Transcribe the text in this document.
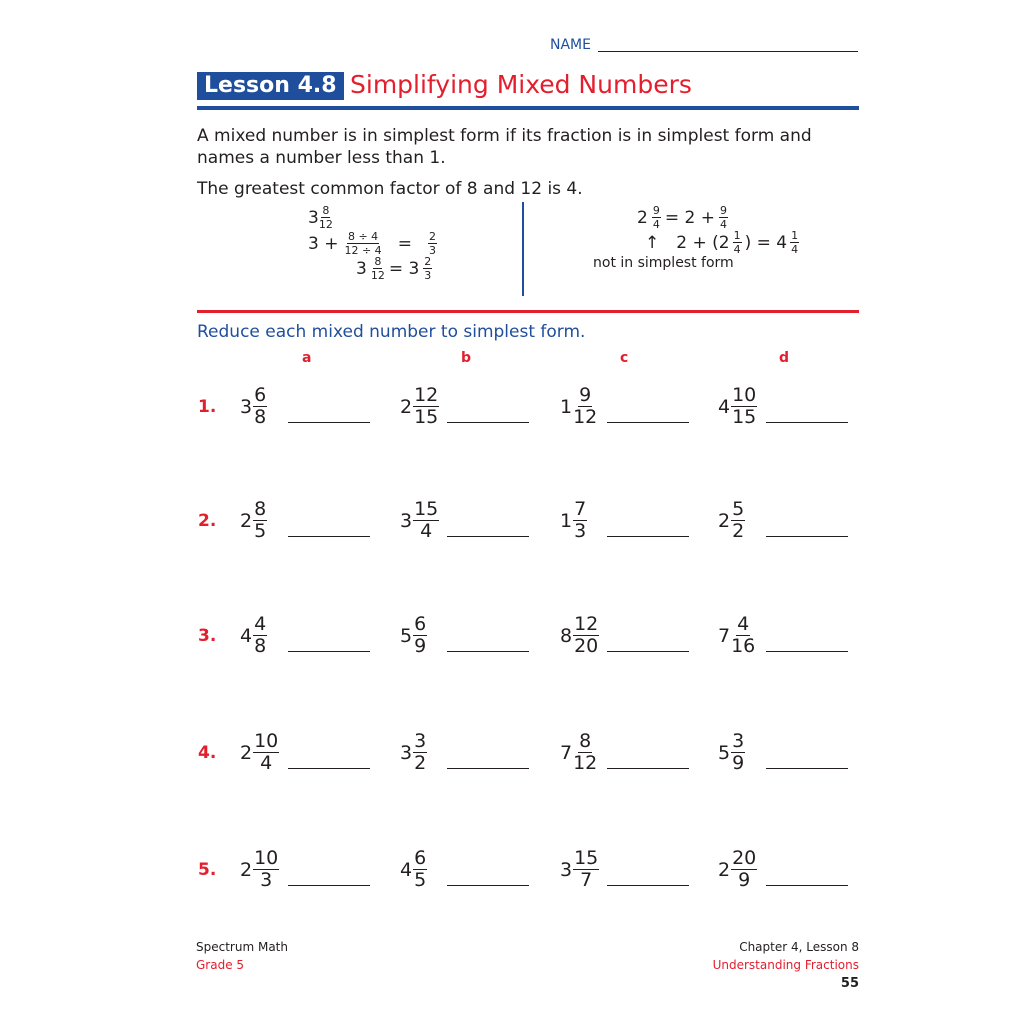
NAME
Lesson 4.8 Simplifying Mixed Numbers
A mixed number is in simplest form if its fraction is in simplest form and names a number less than 1.
The greatest common factor of 8 and 12 is 4.
$3 \frac{8}{12}$
$3 + \frac{8 \div 4}{12 \div 4} = \frac{2}{3}$
$3 \frac{8}{12} = 3 \frac{2}{3}$
$2 \frac{9}{4} = 2 + \frac{9}{4}$
↑ $2 + (2 \frac{1}{4}$ ) = $4 \frac{1}{4}$
not in simplest form
Reduce each mixed number to simplest form.
a	b	c	d
1. $3 \frac{6}{8}$	$2 \frac{12}{15}$	$1 \frac{9}{12}$	$4 \frac{10}{15}$
2. $2 \frac{8}{5}$	$3 \frac{15}{4}$	$1 \frac{7}{3}$	$2 \frac{5}{2}$
3. $4 \frac{4}{8}$	$5 \frac{6}{9}$	$8 \frac{12}{20}$	$7 \frac{4}{16}$
4. $2 \frac{10}{4}$	$3 \frac{3}{2}$	$7 \frac{8}{12}$	$5 \frac{3}{9}$
5. $2 \frac{10}{3}$	$4 \frac{6}{5}$	$3 \frac{15}{7}$	$2 \frac{20}{9}$
Spectrum Math
Grade 5
Chapter 4, Lesson 8
Understanding Fractions
55
